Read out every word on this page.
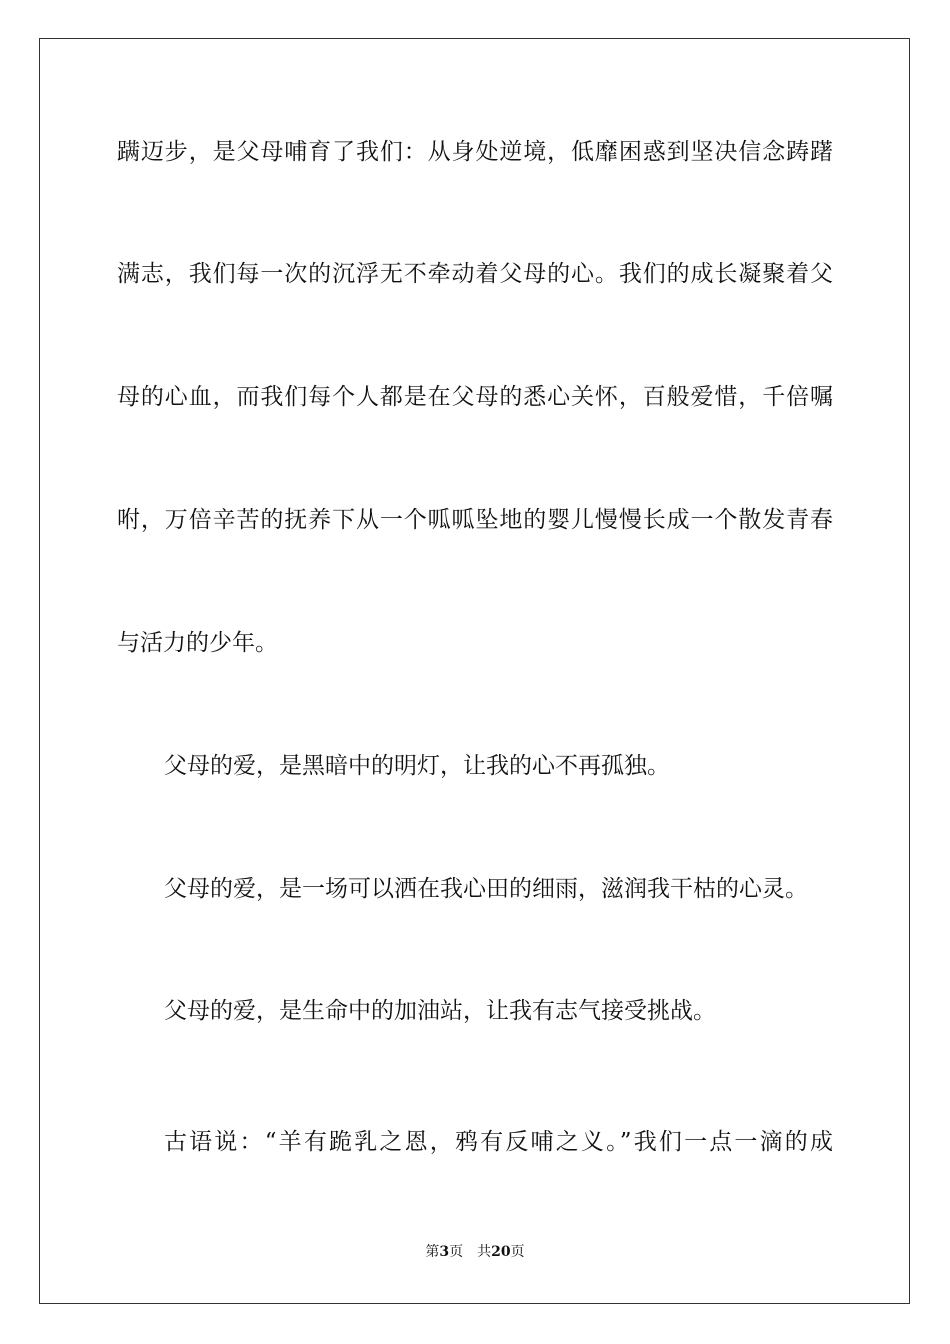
蹒迈步，是父母哺育了我们：从身处逆境，低靡困惑到坚决信念踌躇
满志，我们每一次的沉浮无不牵动着父母的心。我们的成长凝聚着父
母的心血，而我们每个人都是在父母的悉心关怀，百般爱惜，千倍嘱
咐，万倍辛苦的抚养下从一个呱呱坠地的婴儿慢慢长成一个散发青春
与活力的少年。
父母的爱，是黑暗中的明灯，让我的心不再孤独。
父母的爱，是一场可以洒在我心田的细雨，滋润我干枯的心灵。
父母的爱，是生命中的加油站，让我有志气接受挑战。
古语说：“羊有跪乳之恩，鸦有反哺之义。”我们一点一滴的成
第3页 共20页
